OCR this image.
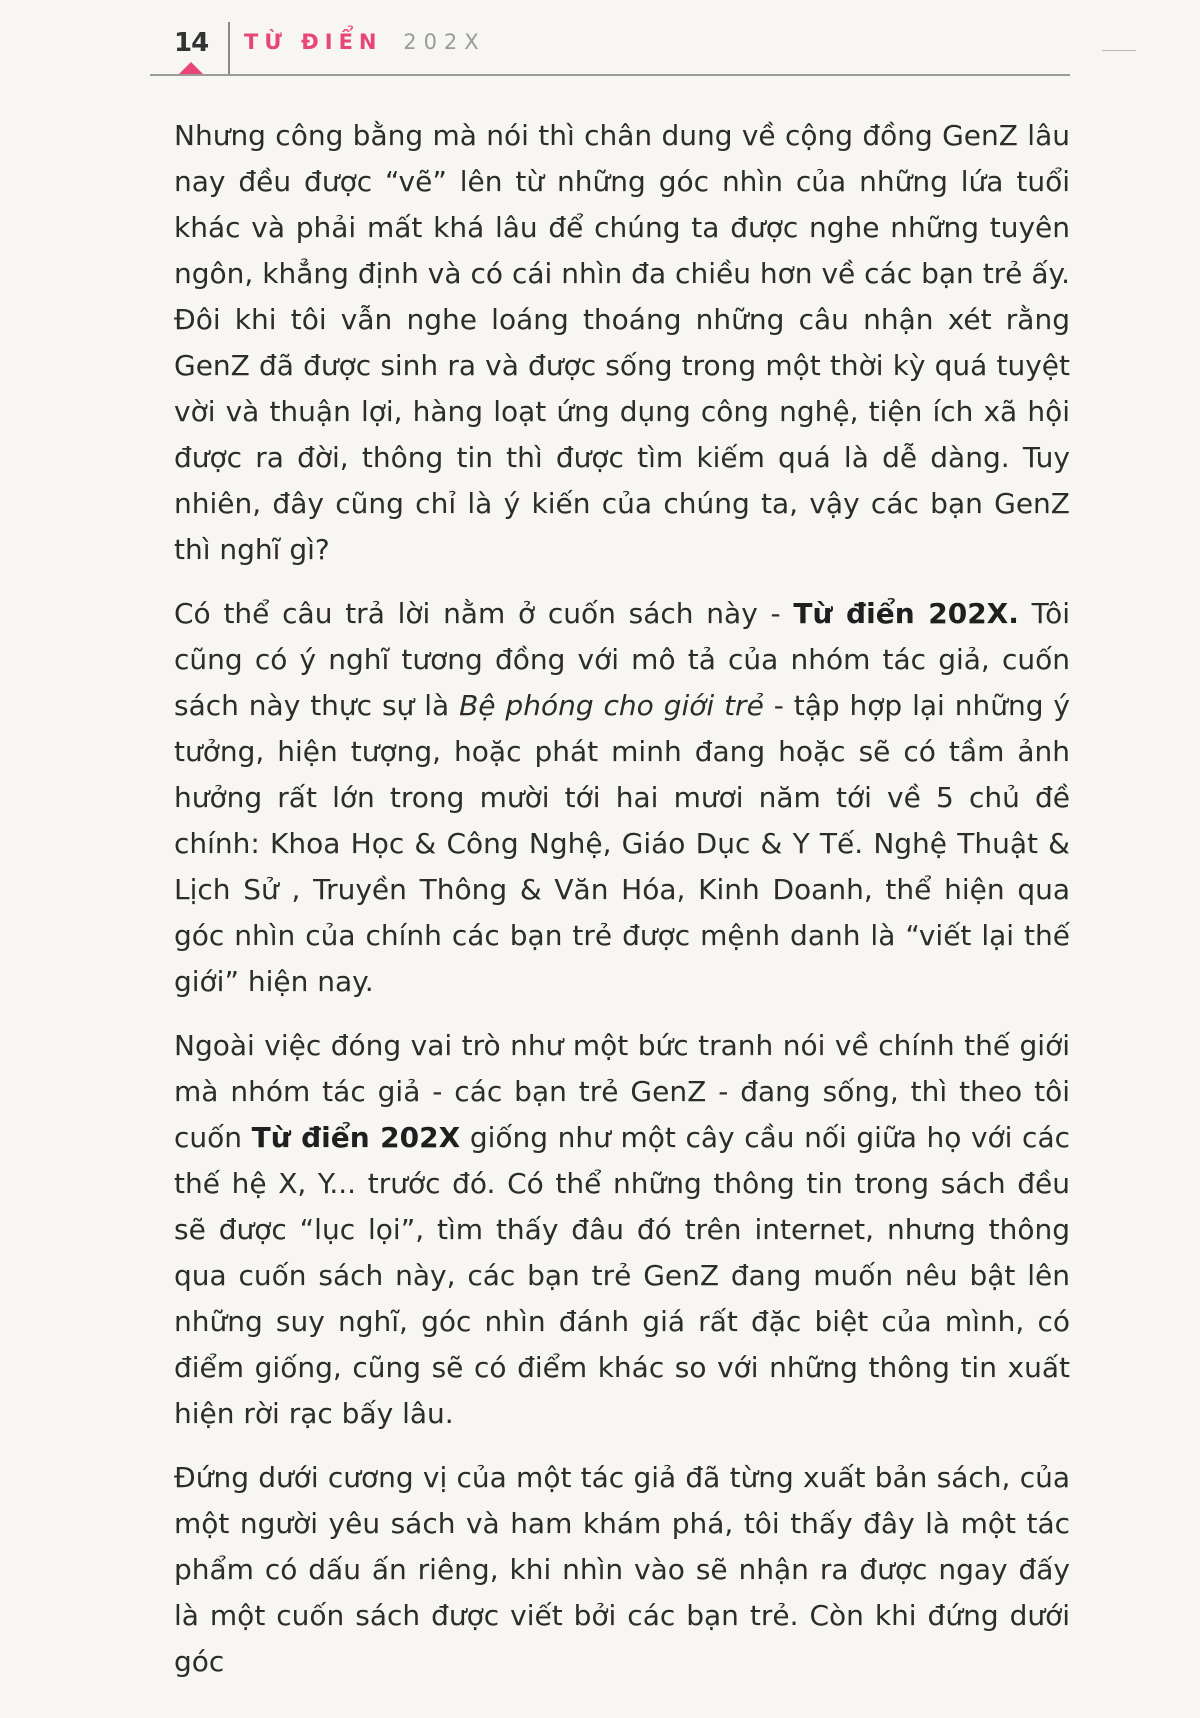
14 TỪ ĐIỂN 202X

Nhưng công bằng mà nói thì chân dung về cộng đồng GenZ lâu nay đều được “vẽ” lên từ những góc nhìn của những lứa tuổi khác và phải mất khá lâu để chúng ta được nghe những tuyên ngôn, khẳng định và có cái nhìn đa chiều hơn về các bạn trẻ ấy. Đôi khi tôi vẫn nghe loáng thoáng những câu nhận xét rằng GenZ đã được sinh ra và được sống trong một thời kỳ quá tuyệt vời và thuận lợi, hàng loạt ứng dụng công nghệ, tiện ích xã hội được ra đời, thông tin thì được tìm kiếm quá là dễ dàng. Tuy nhiên, đây cũng chỉ là ý kiến của chúng ta, vậy các bạn GenZ thì nghĩ gì?

Có thể câu trả lời nằm ở cuốn sách này - Từ điển 202X. Tôi cũng có ý nghĩ tương đồng với mô tả của nhóm tác giả, cuốn sách này thực sự là Bệ phóng cho giới trẻ - tập hợp lại những ý tưởng, hiện tượng, hoặc phát minh đang hoặc sẽ có tầm ảnh hưởng rất lớn trong mười tới hai mươi năm tới về 5 chủ đề chính: Khoa Học & Công Nghệ, Giáo Dục & Y Tế. Nghệ Thuật & Lịch Sử , Truyền Thông & Văn Hóa, Kinh Doanh, thể hiện qua góc nhìn của chính các bạn trẻ được mệnh danh là “viết lại thế giới” hiện nay.

Ngoài việc đóng vai trò như một bức tranh nói về chính thế giới mà nhóm tác giả - các bạn trẻ GenZ - đang sống, thì theo tôi cuốn Từ điển 202X giống như một cây cầu nối giữa họ với các thế hệ X, Y... trước đó. Có thể những thông tin trong sách đều sẽ được “lục lọi”, tìm thấy đâu đó trên internet, nhưng thông qua cuốn sách này, các bạn trẻ GenZ đang muốn nêu bật lên những suy nghĩ, góc nhìn đánh giá rất đặc biệt của mình, có điểm giống, cũng sẽ có điểm khác so với những thông tin xuất hiện rời rạc bấy lâu.

Đứng dưới cương vị của một tác giả đã từng xuất bản sách, của một người yêu sách và ham khám phá, tôi thấy đây là một tác phẩm có dấu ấn riêng, khi nhìn vào sẽ nhận ra được ngay đấy là một cuốn sách được viết bởi các bạn trẻ. Còn khi đứng dưới góc
